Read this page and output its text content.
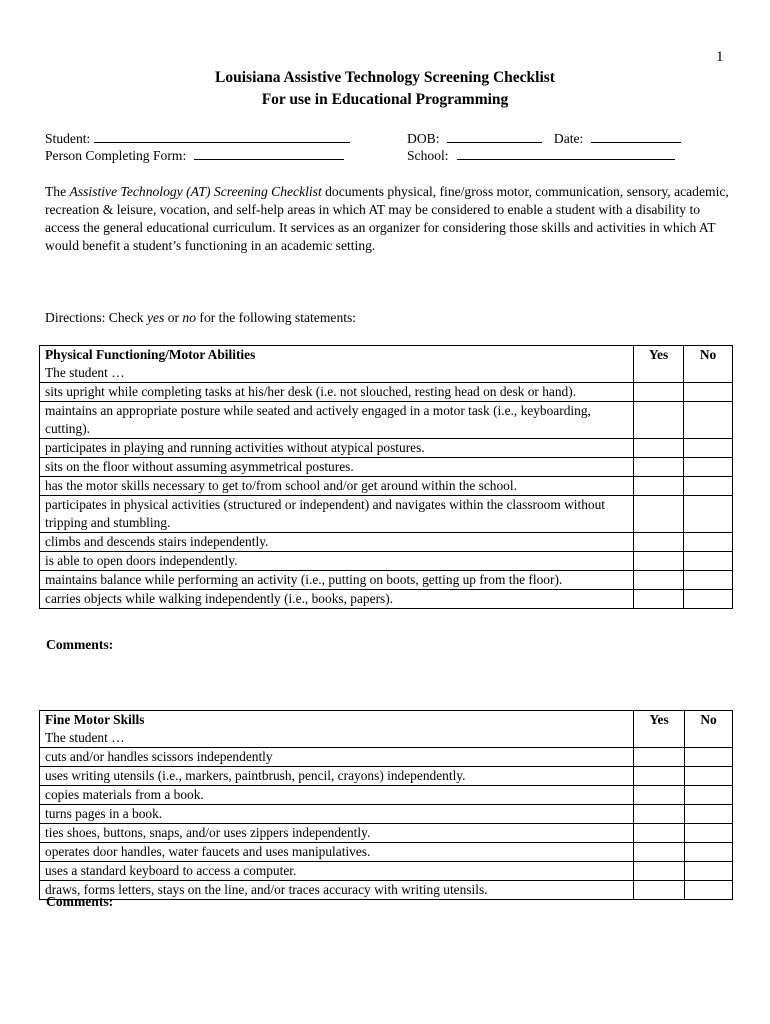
1
Louisiana Assistive Technology Screening Checklist
For use in Educational Programming
Student:	DOB:	Date:
Person Completing Form:	School:
The Assistive Technology (AT) Screening Checklist documents physical, fine/gross motor, communication, sensory, academic, recreation & leisure, vocation, and self-help areas in which AT may be considered to enable a student with a disability to access the general educational curriculum. It services as an organizer for considering those skills and activities in which AT would benefit a student’s functioning in an academic setting.
Directions: Check yes or no for the following statements:
Physical Functioning/Motor Abilities
The student …	Yes	No
sits upright while completing tasks at his/her desk (i.e. not slouched, resting head on desk or hand).		
maintains an appropriate posture while seated and actively engaged in a motor task (i.e., keyboarding, cutting).		
participates in playing and running activities without atypical postures.		
sits on the floor without assuming asymmetrical postures.		
has the motor skills necessary to get to/from school and/or get around within the school.		
participates in physical activities (structured or independent) and navigates within the classroom without tripping and stumbling.		
climbs and descends stairs independently.		
is able to open doors independently.		
maintains balance while performing an activity (i.e., putting on boots, getting up from the floor).		
carries objects while walking independently (i.e., books, papers).		
Comments:
Fine Motor Skills
The student …	Yes	No
cuts and/or handles scissors independently		
uses writing utensils (i.e., markers, paintbrush, pencil, crayons) independently.		
copies materials from a book.		
turns pages in a book.		
ties shoes, buttons, snaps, and/or uses zippers independently.		
operates door handles, water faucets and uses manipulatives.		
uses a standard keyboard to access a computer.		
draws, forms letters, stays on the line, and/or traces accuracy with writing utensils.		
Comments:
